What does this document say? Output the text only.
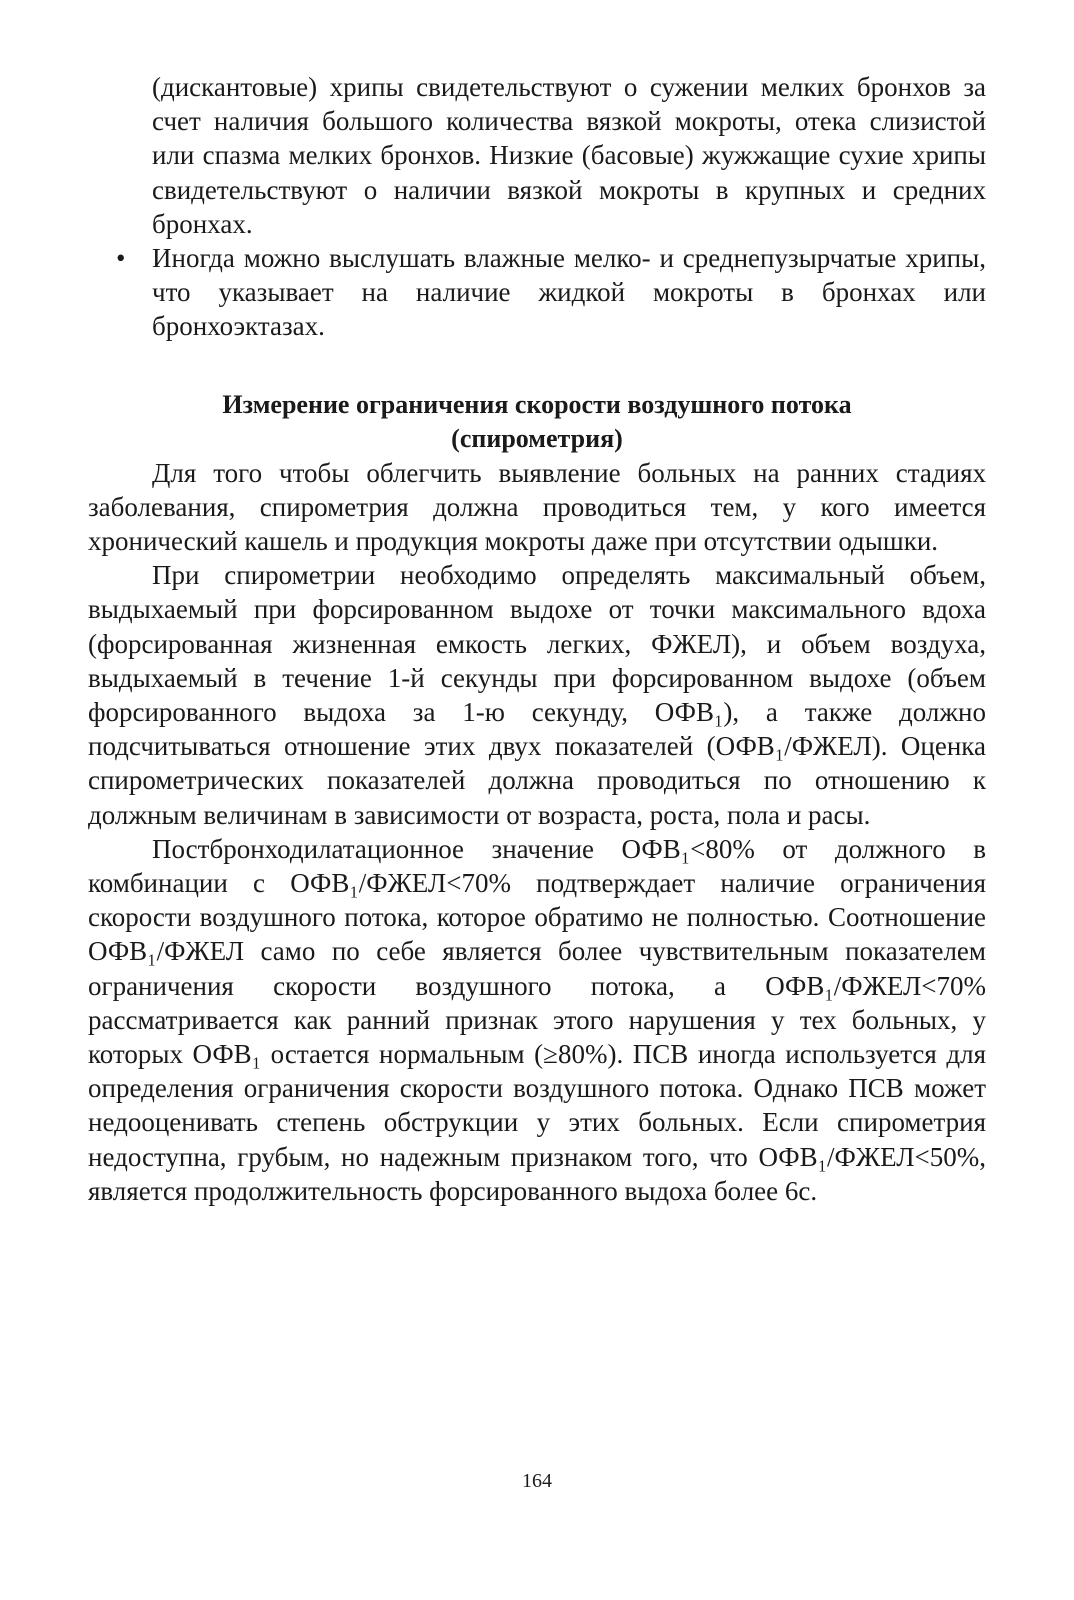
(дискантовые) хрипы свидетельствуют о сужении мелких бронхов за счет наличия большого количества вязкой мокроты, отека слизистой или спазма мелких бронхов. Низкие (басовые) жужжащие сухие хрипы свидетельствуют о наличии вязкой мокроты в крупных и средних бронхах.

• Иногда можно выслушать влажные мелко- и среднепузырчатые хрипы, что указывает на наличие жидкой мокроты в бронхах или бронхоэктазах.

Измерение ограничения скорости воздушного потока
(спирометрия)

Для того чтобы облегчить выявление больных на ранних стадиях заболевания, спирометрия должна проводиться тем, у кого имеется хронический кашель и продукция мокроты даже при отсутствии одышки.

При спирометрии необходимо определять максимальный объем, выдыхаемый при форсированном выдохе от точки максимального вдоха (форсированная жизненная емкость легких, ФЖЕЛ), и объем воздуха, выдыхаемый в течение 1-й секунды при форсированном выдохе (объем форсированного выдоха за 1-ю секунду, ОФВ₁), а также должно подсчитываться отношение этих двух показателей (ОФВ₁/ФЖЕЛ). Оценка спирометрических показателей должна проводиться по отношению к должным величинам в зависимости от возраста, роста, пола и расы.

Постбронходилатационное значение ОФВ₁<80% от должного в комбинации с ОФВ₁/ФЖЕЛ<70% подтверждает наличие ограничения скорости воздушного потока, которое обратимо не полностью. Соотношение ОФВ₁/ФЖЕЛ само по себе является более чувствительным показателем ограничения скорости воздушного потока, а ОФВ₁/ФЖЕЛ<70% рассматривается как ранний признак этого нарушения у тех больных, у которых ОФВ₁ остается нормальным (≥80%). ПСВ иногда используется для определения ограничения скорости воздушного потока. Однако ПСВ может недооценивать степень обструкции у этих больных. Если спирометрия недоступна, грубым, но надежным признаком того, что ОФВ₁/ФЖЕЛ<50%, является продолжительность форсированного выдоха более 6с.

164
